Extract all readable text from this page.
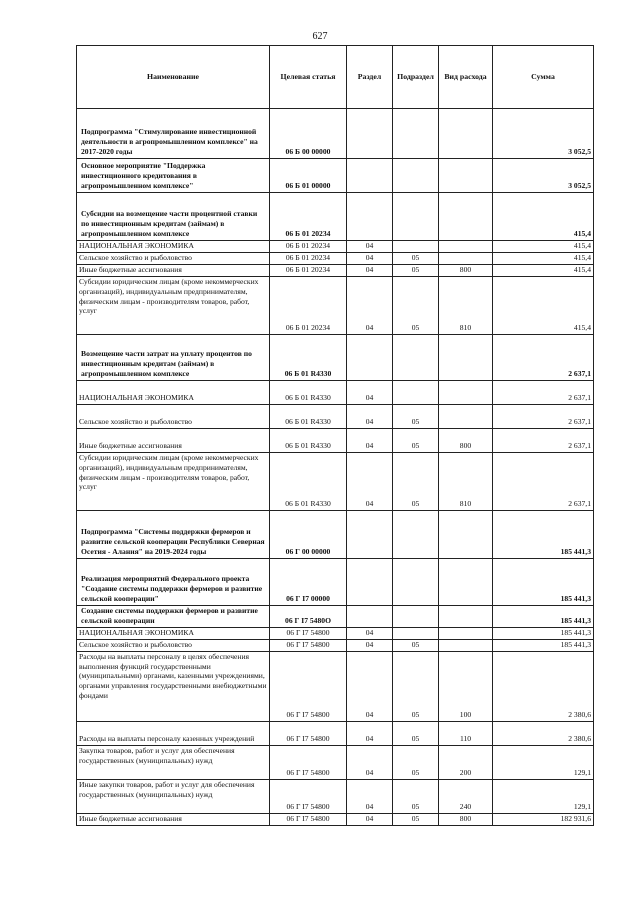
627
Наименование	Целевая статья	Раздел	Подраздел	Вид расхода	Сумма
Подпрограмма "Стимулирование инвестиционной деятельности в агропромышленном комплексе" на 2017-2020 годы	06 Б 00 00000				3 052,5
Основное мероприятие "Поддержка инвестиционного кредитования в агропромышленном комплексе"	06 Б 01 00000				3 052,5
Субсидии на возмещение части процентной ставки по инвестиционным кредитам (займам) в агропромышленном комплексе	06 Б 01 20234				415,4
НАЦИОНАЛЬНАЯ ЭКОНОМИКА	06 Б 01 20234	04			415,4
Сельское хозяйство и рыболовство	06 Б 01 20234	04	05		415,4
Иные бюджетные ассигнования	06 Б 01 20234	04	05	800	415,4
Субсидии юридическим лицам (кроме некоммерческих организаций), индивидуальным предпринимателям, физическим лицам - производителям товаров, работ, услуг	06 Б 01 20234	04	05	810	415,4
Возмещение части затрат на уплату процентов по инвестиционным кредитам (займам) в агропромышленном комплексе	06 Б 01 R4330				2 637,1
НАЦИОНАЛЬНАЯ ЭКОНОМИКА	06 Б 01 R4330	04			2 637,1
Сельское хозяйство и рыболовство	06 Б 01 R4330	04	05		2 637,1
Иные бюджетные ассигнования	06 Б 01 R4330	04	05	800	2 637,1
Субсидии юридическим лицам (кроме некоммерческих организаций), индивидуальным предпринимателям, физическим лицам - производителям товаров, работ, услуг	06 Б 01 R4330	04	05	810	2 637,1
Подпрограмма "Системы поддержки фермеров и развитие сельской кооперации Республики Северная Осетия - Алания" на 2019-2024 годы	06 Г 00 00000				185 441,3
Реализация мероприятий Федерального проекта "Создание системы поддержки фермеров и развитие сельской кооперации"	06 Г I7 00000				185 441,3
Создание системы поддержки фермеров и развитие сельской кооперации	06 Г I7 5480О				185 441,3
НАЦИОНАЛЬНАЯ ЭКОНОМИКА	06 Г I7 54800	04			185 441,3
Сельское хозяйство и рыболовство	06 Г I7 54800	04	05		185 441,3
Расходы на выплаты персоналу в целях обеспечения выполнения функций государственными (муниципальными) органами, казенными учреждениями, органами управления государственными внебюджетными фондами	06 Г I7 54800	04	05	100	2 380,6
Расходы на выплаты персоналу казенных учреждений	06 Г I7 54800	04	05	110	2 380,6
Закупка товаров, работ и услуг для обеспечения государственных (муниципальных) нужд	06 Г I7 54800	04	05	200	129,1
Иные закупки товаров, работ и услуг для обеспечения государственных (муниципальных) нужд	06 Г I7 54800	04	05	240	129,1
Иные бюджетные ассигнования	06 Г I7 54800	04	05	800	182 931,6
